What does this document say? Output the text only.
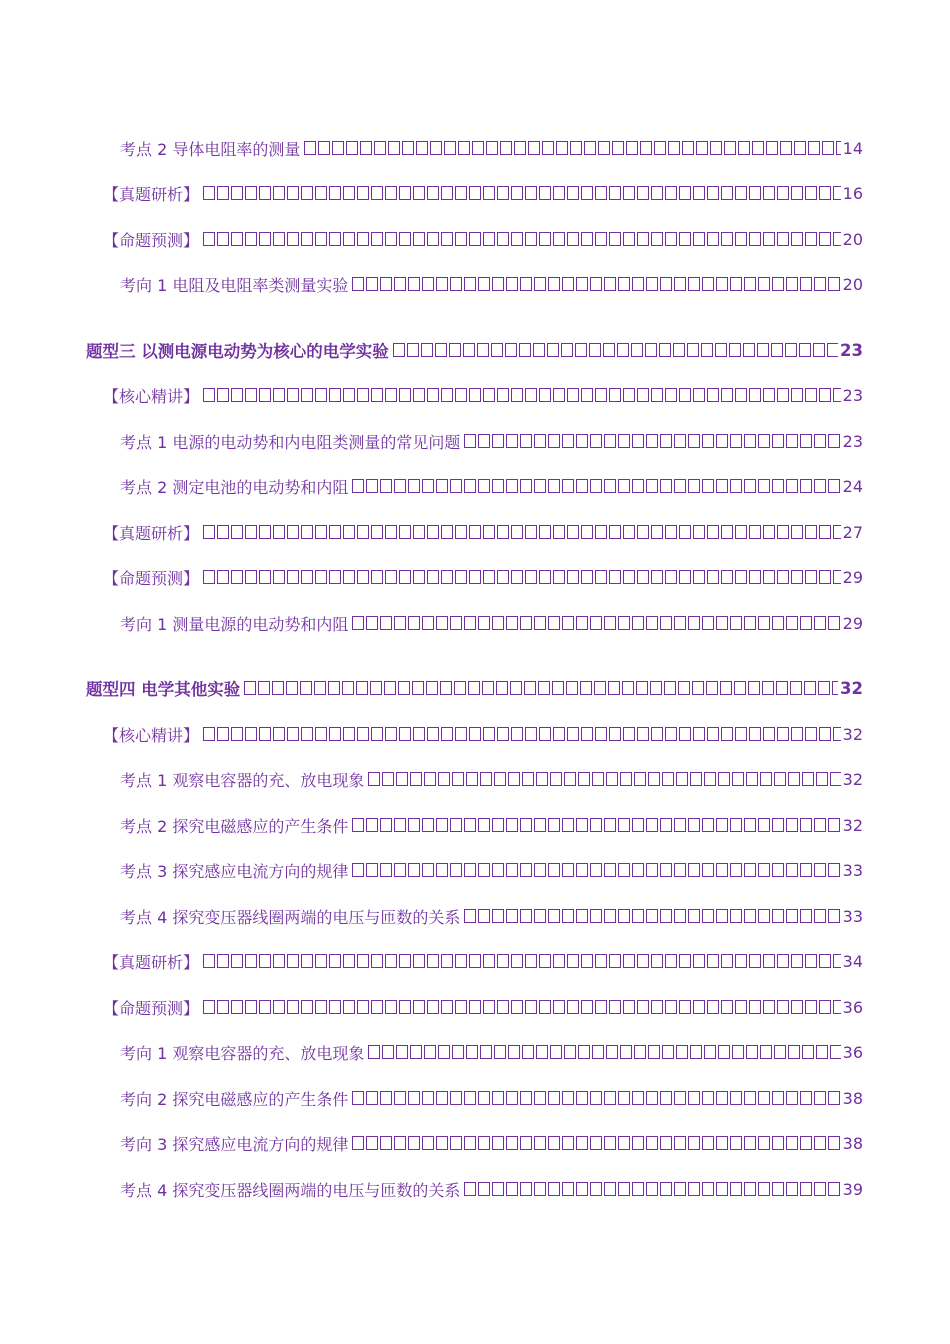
考点 2 导体电阻率的测量	14
【真题研析】	16
【命题预测】	20
考向 1 电阻及电阻率类测量实验	20
题型三 以测电源电动势为核心的电学实验	23
【核心精讲】	23
考点 1 电源的电动势和内电阻类测量的常见问题	23
考点 2 测定电池的电动势和内阻	24
【真题研析】	27
【命题预测】	29
考向 1 测量电源的电动势和内阻	29
题型四 电学其他实验	32
【核心精讲】	32
考点 1 观察电容器的充、放电现象	32
考点 2 探究电磁感应的产生条件	32
考点 3 探究感应电流方向的规律	33
考点 4 探究变压器线圈两端的电压与匝数的关系	33
【真题研析】	34
【命题预测】	36
考向 1 观察电容器的充、放电现象	36
考向 2 探究电磁感应的产生条件	38
考向 3 探究感应电流方向的规律	38
考点 4 探究变压器线圈两端的电压与匝数的关系	39
